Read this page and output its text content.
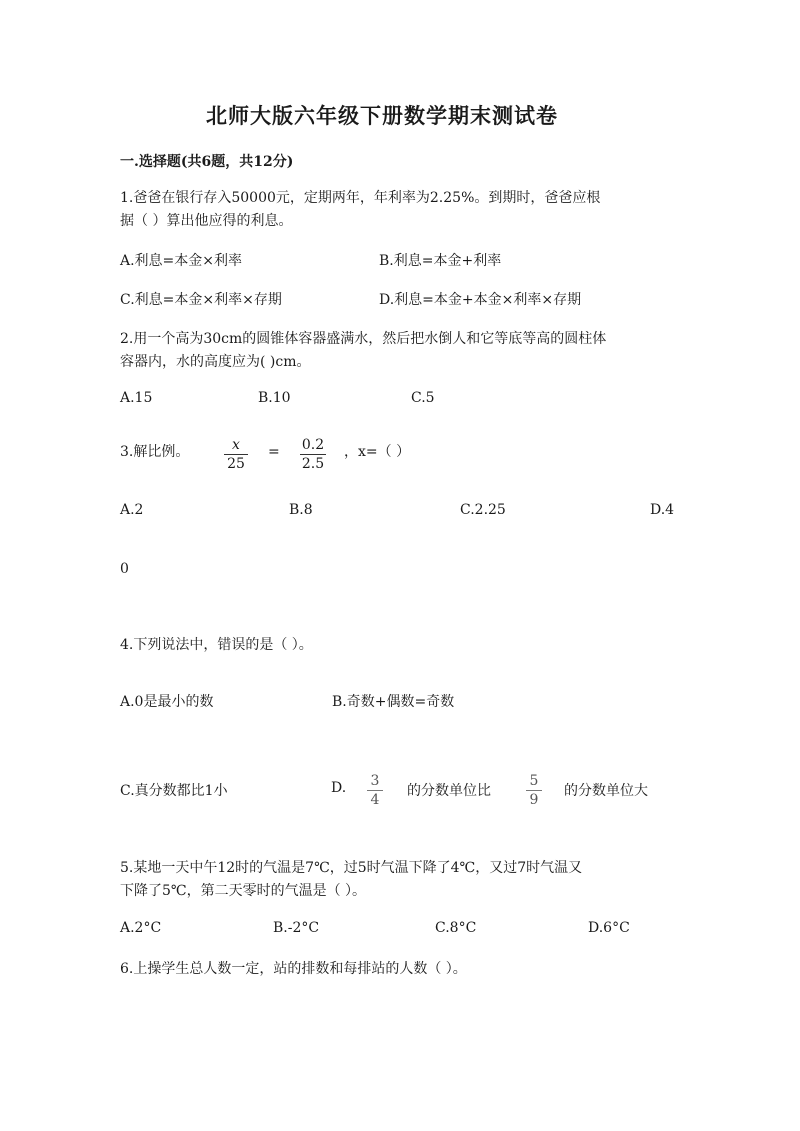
北师大版六年级下册数学期末测试卷
一.选择题(共6题，共12分)
1.爸爸在银行存入50000元，定期两年，年利率为2.25%。到期时，爸爸应根
据（ ）算出他应得的利息。
A.利息=本金×利率	B.利息=本金+利率
C.利息=本金×利率×存期	D.利息=本金+本金×利率×存期
2.用一个高为30cm的圆锥体容器盛满水，然后把水倒人和它等底等高的圆柱体
容器内，水的高度应为( )cm。
A.15	B.10	C.5
3.解比例。	x
25
= 0.2
2.5
，x=（ ）
A.2	B.8	C.2.25	D.4
0
4.下列说法中，错误的是（ ）。
A.0是最小的数	B.奇数+偶数=奇数
C.真分数都比1小	D. 3
4
的分数单位比
5
9
的分数单位大
5.某地一天中午12时的气温是7℃，过5时气温下降了4℃，又过7时气温又
下降了5℃，第二天零时的气温是（ ）。
A.2°C	B.-2°C	C.8°C	D.6°C
6.上操学生总人数一定，站的排数和每排站的人数（ ）。
